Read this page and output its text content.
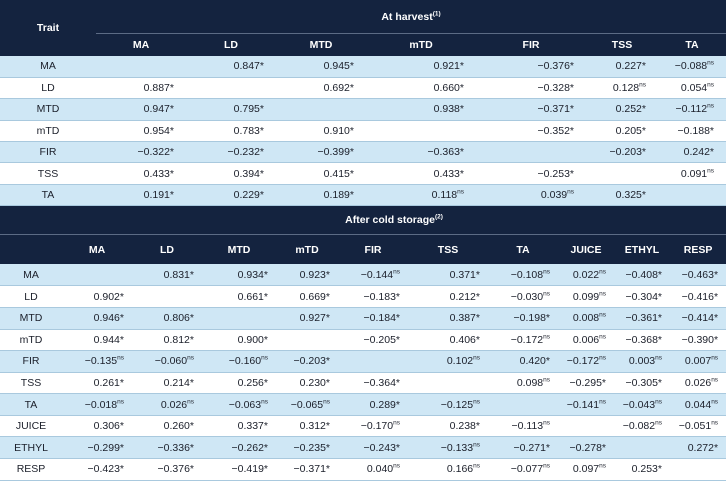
Trait	At harvest$^{(1)}$
	MA	LD	MTD	mTD	FIR	TSS	TA
MA		0.847*	0.945*	0.921*	−0.376*	0.227*	$-0.088^{ns}$
LD	0.887*		0.692*	0.660*	−0.328*	$0.128^{ns}$	$0.054^{ns}$
MTD	0.947*	0.795*		0.938*	−0.371*	0.252*	$-0.112^{ns}$
mTD	0.954*	0.783*	0.910*		−0.352*	0.205*	−0.188*
FIR	−0.322*	−0.232*	−0.399*	−0.363*		−0.203*	0.242*
TSS	0.433*	0.394*	0.415*	0.433*	−0.253*		$0.091^{ns}$
TA	0.191*	0.229*	0.189*	$0.118^{ns}$	$0.039^{ns}$	0.325*	
	After cold storage$^{(2)}$
	MA	LD	MTD	mTD	FIR	TSS	TA	JUICE	ETHYL	RESP
MA		0.831*	0.934*	0.923*	$-0.144^{ns}$	0.371*	$-0.108^{ns}$	$0.022^{ns}$	−0.408*	−0.463*
LD	0.902*		0.661*	0.669*	−0.183*	0.212*	$-0.030^{ns}$	$0.099^{ns}$	−0.304*	−0.416*
MTD	0.946*	0.806*		0.927*	−0.184*	0.387*	−0.198*	$0.008^{ns}$	−0.361*	−0.414*
mTD	0.944*	0.812*	0.900*		−0.205*	0.406*	$-0.172^{ns}$	$0.006^{ns}$	−0.368*	−0.390*
FIR	$-0.135^{ns}$	$-0.060^{ns}$	$-0.160^{ns}$	−0.203*		$0.102^{ns}$	0.420*	$-0.172^{ns}$	$0.003^{ns}$	$0.007^{ns}$
TSS	0.261*	0.214*	0.256*	0.230*	−0.364*		$0.098^{ns}$	−0.295*	−0.305*	$0.026^{ns}$
TA	$-0.018^{ns}$	$0.026^{ns}$	$-0.063^{ns}$	$-0.065^{ns}$	0.289*	$-0.125^{ns}$		$-0.141^{ns}$	$-0.043^{ns}$	$0.044^{ns}$
JUICE	0.306*	0.260*	0.337*	0.312*	$-0.170^{ns}$	0.238*	$-0.113^{ns}$		$-0.082^{ns}$	$-0.051^{ns}$
ETHYL	−0.299*	−0.336*	−0.262*	−0.235*	−0.243*	$-0.133^{ns}$	−0.271*	−0.278*		0.272*
RESP	−0.423*	−0.376*	−0.419*	−0.371*	$0.040^{ns}$	$0.166^{ns}$	$-0.077^{ns}$	$0.097^{ns}$	0.253*	
